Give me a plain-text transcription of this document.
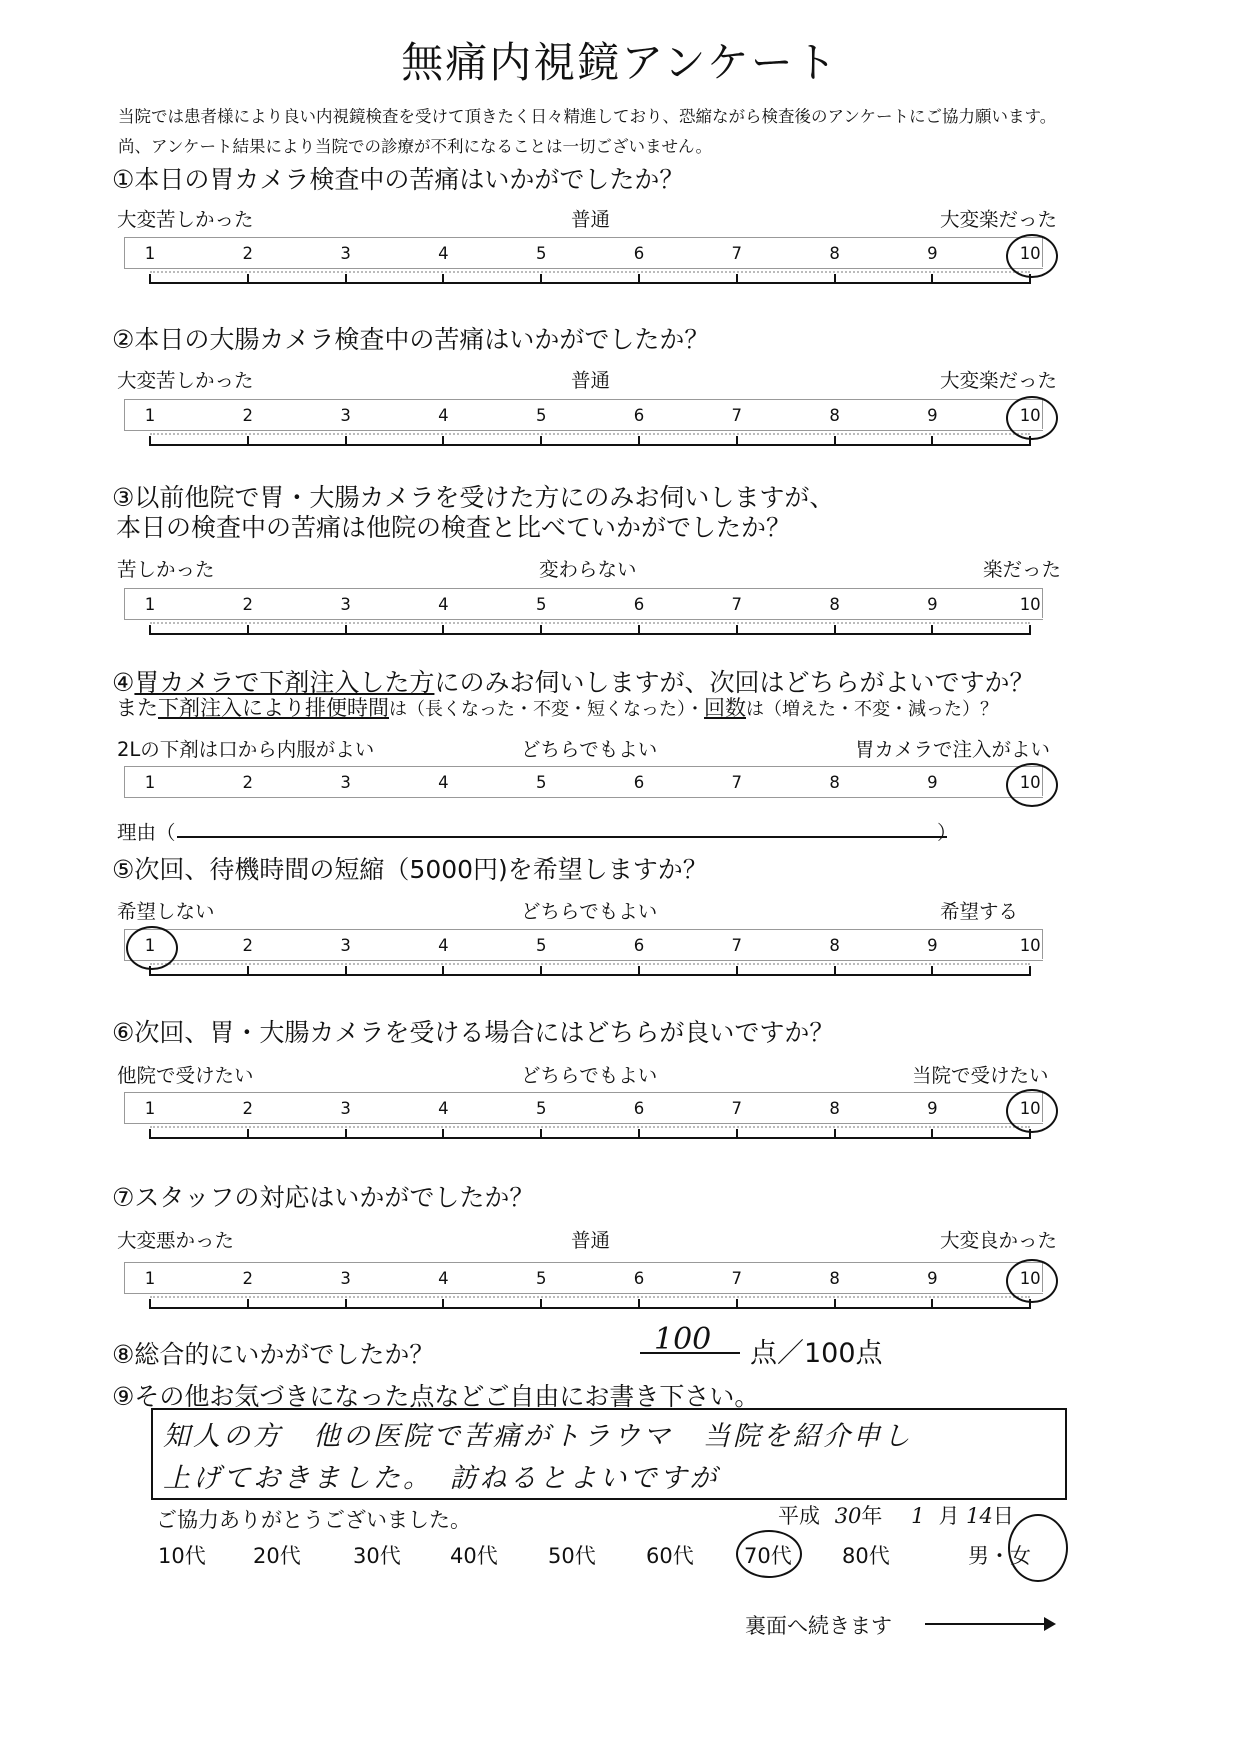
無痛内視鏡アンケート
当院では患者様により良い内視鏡検査を受けて頂きたく日々精進しており、恐縮ながら検査後のアンケートにご協力願います。
尚、アンケート結果により当院での診療が不利になることは一切ございません。
①本日の胃カメラ検査中の苦痛はいかがでしたか？
大変苦しかった	普通	大変楽だった
1	2	3	4	5	6	7	8	9	10
②本日の大腸カメラ検査中の苦痛はいかがでしたか？
大変苦しかった	普通	大変楽だった
1	2	3	4	5	6	7	8	9	10
③以前他院で胃・大腸カメラを受けた方にのみお伺いしますが、
本日の検査中の苦痛は他院の検査と比べていかがでしたか？
苦しかった	変わらない	楽だった
1	2	3	4	5	6	7	8	9	10
④胃カメラで下剤注入した方にのみお伺いしますが、次回はどちらがよいですか？
また下剤注入により排便時間は（長くなった・不変・短くなった）・回数は（増えた・不変・減った）？
2Lの下剤は口から内服がよい	どちらでもよい	胃カメラで注入がよい
1	2	3	4	5	6	7	8	9	10
理由（	）
⑤次回、待機時間の短縮（5000円)を希望しますか？
希望しない	どちらでもよい	希望する
1	2	3	4	5	6	7	8	9	10
⑥次回、胃・大腸カメラを受ける場合にはどちらが良いですか？
他院で受けたい	どちらでもよい	当院で受けたい
1	2	3	4	5	6	7	8	9	10
⑦スタッフの対応はいかがでしたか？
大変悪かった	普通	大変良かった
1	2	3	4	5	6	7	8	9	10
⑧総合的にいかがでしたか？	100 点／100点
⑨その他お気づきになった点などご自由にお書き下さい。
知人の方　他の医院で苦痛がトラウマ　当院を紹介申し
上げておきました。　訪ねるとよいですが
ご協力ありがとうございました。	平成 30年 1 月 14日
10代 20代 30代 40代 50代 60代 70代 80代	男・女
裏面へ続きます
